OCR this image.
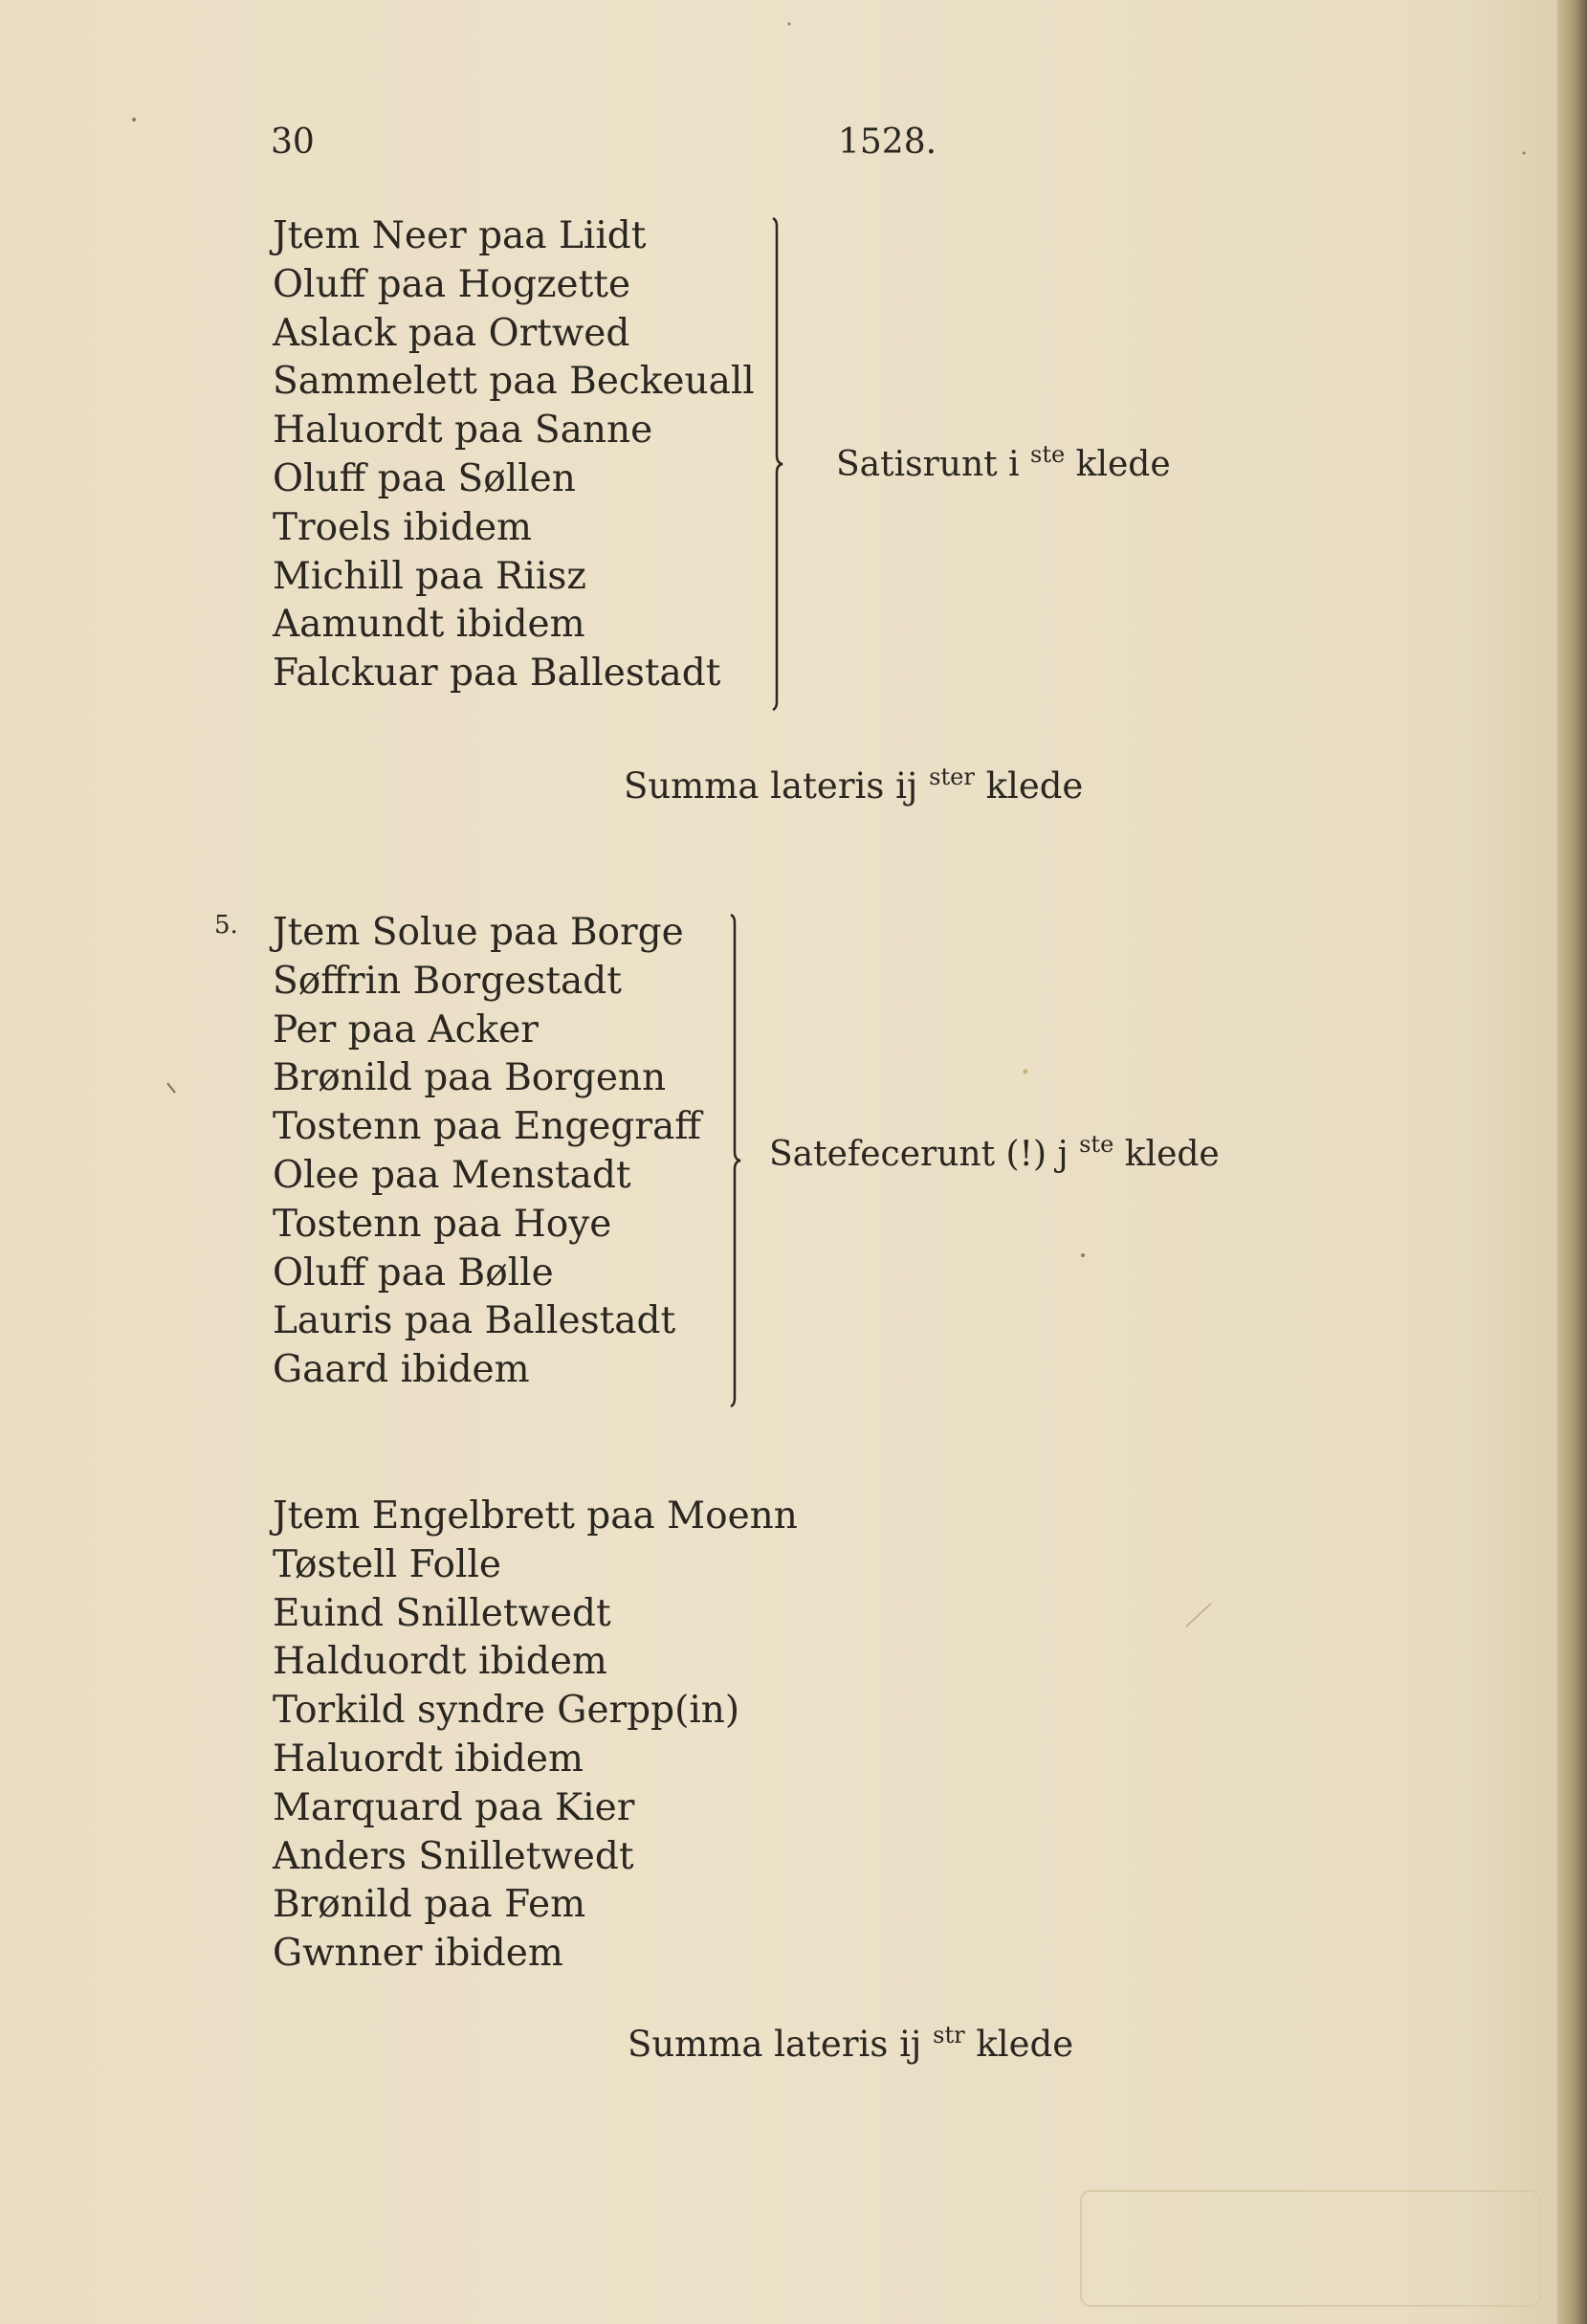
30	1528.
Jtem Neer paa Liidt
Oluff paa Hogzette
Aslack paa Ortwed
Sammelett paa Beckeuall
Haluordt paa Sanne
Oluff paa Søllen
Troels ibidem
Michill paa Riisz
Aamundt ibidem
Falckuar paa Ballestadt
Satisrunt i $^{ste}$ klede
Summa lateris ij $^{ster}$ klede
5. Jtem Solue paa Borge
Søffrin Borgestadt
Per paa Acker
Brønild paa Borgenn
Tostenn paa Engegraff
Olee paa Menstadt
Tostenn paa Hoye
Oluff paa Bølle
Lauris paa Ballestadt
Gaard ibidem
Satefecerunt (!) j $^{ste}$ klede
Jtem Engelbrett paa Moenn
Tøstell Folle
Euind Snilletwedt
Halduordt ibidem
Torkild syndre Gerpp(in)
Haluordt ibidem
Marquard paa Kier
Anders Snilletwedt
Brønild paa Fem
Gwnner ibidem
Summa lateris ij $^{str}$ klede
